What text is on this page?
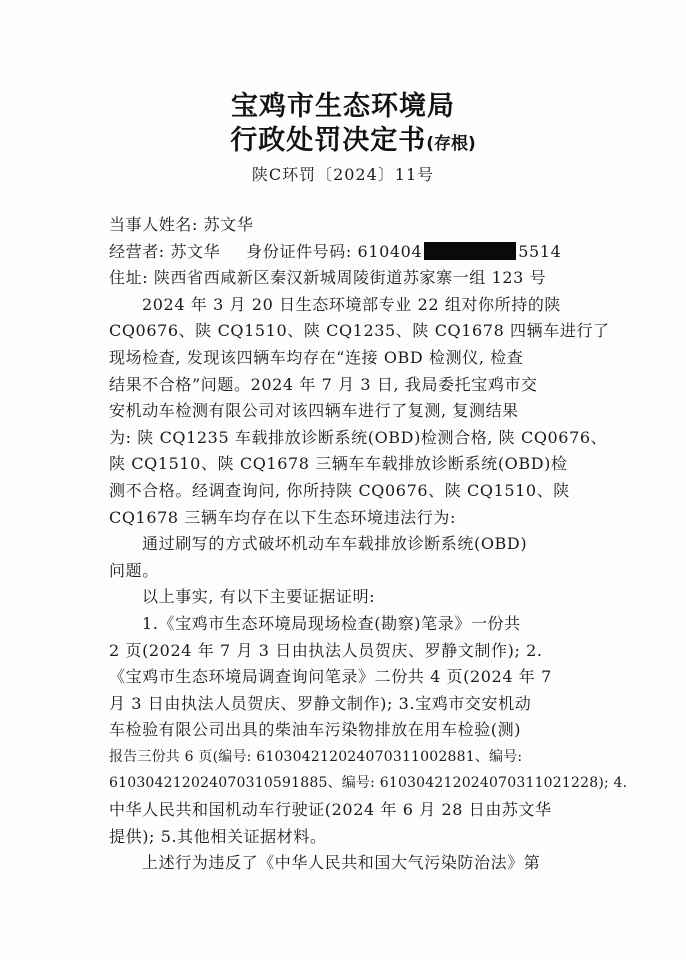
宝鸡市生态环境局
行政处罚决定书(存根)
陕C环罚〔2024〕11号
当事人姓名: 苏文华
经营者: 苏文华 身份证件号码: 610404	5514
住址: 陕西省西咸新区秦汉新城周陵街道苏家寨一组 123 号
2024 年 3 月 20 日生态环境部专业 22 组对你所持的陕
CQ0676、陕 CQ1510、陕 CQ1235、陕 CQ1678 四辆车进行了
现场检查, 发现该四辆车均存在“连接 OBD 检测仪, 检查
结果不合格”问题。2024 年 7 月 3 日, 我局委托宝鸡市交
安机动车检测有限公司对该四辆车进行了复测, 复测结果
为: 陕 CQ1235 车载排放诊断系统(OBD)检测合格, 陕 CQ0676、
陕 CQ1510、陕 CQ1678 三辆车车载排放诊断系统(OBD)检
测不合格。经调查询问, 你所持陕 CQ0676、陕 CQ1510、陕
CQ1678 三辆车均存在以下生态环境违法行为:
通过刷写的方式破坏机动车车载排放诊断系统(OBD)
问题。
以上事实, 有以下主要证据证明:
1.《宝鸡市生态环境局现场检查(勘察)笔录》一份共
2 页(2024 年 7 月 3 日由执法人员贺庆、罗静文制作); 2.
《宝鸡市生态环境局调查询问笔录》二份共 4 页(2024 年 7
月 3 日由执法人员贺庆、罗静文制作); 3.宝鸡市交安机动
车检验有限公司出具的柴油车污染物排放在用车检验(测)
报告三份共 6 页(编号: 610304212024070311002881、编号:
610304212024070310591885、编号: 610304212024070311021228); 4.
中华人民共和国机动车行驶证(2024 年 6 月 28 日由苏文华
提供); 5.其他相关证据材料。
上述行为违反了《中华人民共和国大气污染防治法》第
